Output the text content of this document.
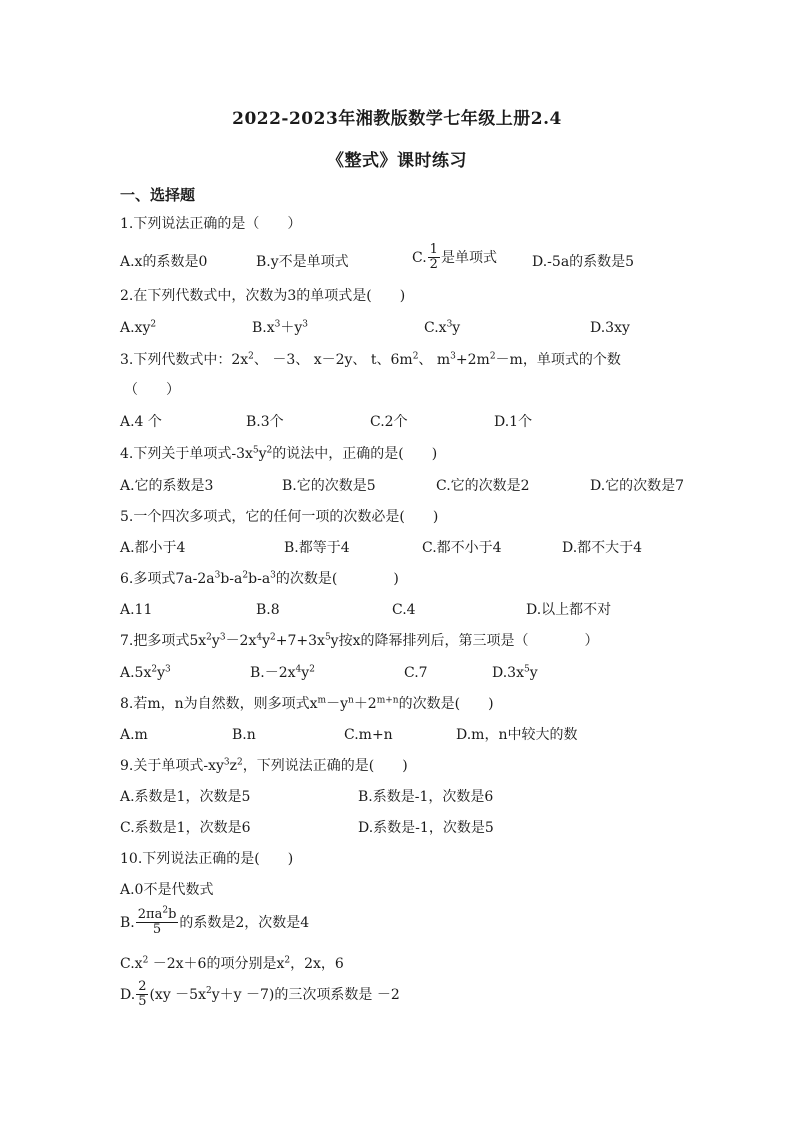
2022-2023年湘教版数学七年级上册2.4
《整式》课时练习
一、选择题
1.下列说法正确的是（　　）
A.x的系数是0	B.y不是单项式	C. $\frac{1}{2}$ 是单项式	D.-5a的系数是5
2.在下列代数式中，次数为3的单项式是(　　)
$A.xy^2$	$B.x^3+y^3$	$C.x^3y$	D.3xy
3.下列代数式中：$2x^2$、 －3、 x－2y、 t、$6m^2$、 $m^3+2m^2-m$，单项式的个数
（　　）
A.4 个	B.3个	C.2个	D.1个
4.下列关于单项式$-3x^5y^2$的说法中，正确的是(　　)
A.它的系数是3	B.它的次数是5	C.它的次数是2	D.它的次数是7
5.一个四次多项式，它的任何一项的次数必是(　　)
A.都小于4	B.都等于4	C.都不小于4	D.都不大于4
6.多项式$7a-2a^3b-a^2b-a^3$的次数是(　　　　)
A.11	B.8	C.4	D.以上都不对
7.把多项式$5x^2y^3-2x^4y^2+7+3x^5y$按x的降幂排列后，第三项是（　　　　）
$A.5x^2y^3$	$B.-2x^4y^2$	C.7	$D.3x^5y$
8.若m，n为自然数，则多项式$x^m-y^n+2^{m+n}$的次数是(　　)
A.m	B.n	C.m+n	D.m，n中较大的数
9.关于单项式$-xy^3z^2$，下列说法正确的是(　　)
A.系数是1，次数是5	B.系数是-1，次数是6
C.系数是1，次数是6	D.系数是-1，次数是5
10.下列说法正确的是(　　)
A.0不是代数式
B. $\frac{2\pi a^2b}{5}$ 的系数是2，次数是4
$C.x^2 -2x+6$的项分别是$x^2$，2x，6
D. $\frac{2}{5} (xy -5x^2y+y -7)$的三次项系数是 －2
